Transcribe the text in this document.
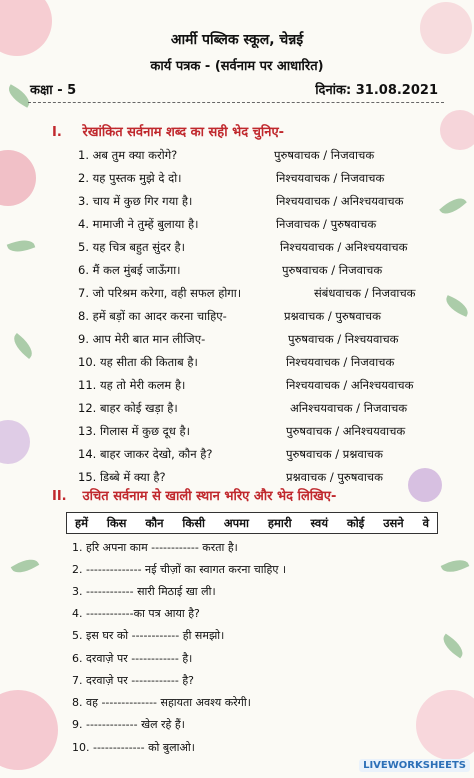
आर्मी पब्लिक स्कूल, चेन्नई
कार्य पत्रक - (सर्वनाम पर आधारित)
कक्षा - 5	दिनांक: 31.08.2021
I. रेखांकित सर्वनाम शब्द का सही भेद चुनिए-
1. अब तुम क्या करोगे?	पुरुषवाचक / निजवाचक
2. यह पुस्तक मुझे दे दो।	निश्चयवाचक / निजवाचक
3. चाय में कुछ गिर गया है।	निश्चयवाचक / अनिश्चयवाचक
4. मामाजी ने तुम्हें बुलाया है।	निजवाचक / पुरुषवाचक
5. यह चित्र बहुत सुंदर है।	निश्चयवाचक / अनिश्चयवाचक
6. मैं कल मुंबई जाऊँगा।	पुरुषवाचक / निजवाचक
7. जो परिश्रम करेगा, वही सफल होगा।	संबंधवाचक / निजवाचक
8. हमें बड़ों का आदर करना चाहिए-	प्रश्नवाचक / पुरुषवाचक
9. आप मेरी बात मान लीजिए-	पुरुषवाचक / निश्चयवाचक
10. यह सीता की किताब है।	निश्चयवाचक / निजवाचक
11. यह तो मेरी कलम है।	निश्चयवाचक / अनिश्चयवाचक
12. बाहर कोई खड़ा है।	अनिश्चयवाचक / निजवाचक
13. गिलास में कुछ दूध है।	पुरुषवाचक / अनिश्चयवाचक
14. बाहर जाकर देखो, कौन है?	पुरुषवाचक / प्रश्नवाचक
15. डिब्बे में क्या है?	प्रश्नवाचक / पुरुषवाचक
II. उचित सर्वनाम से खाली स्थान भरिए और भेद लिखिए-
हमें किस कौन किसी अपमा हमारी स्वयं कोई उसने वे
1. हरि अपना काम ------------ करता है।
2. -------------- नई चीज़ों का स्वागत करना चाहिए ।
3. ------------ सारी मिठाई खा ली।
4. ------------का पत्र आया है?
5. इस घर को ------------ ही समझो।
6. दरवाज़े पर ------------ है।
7. दरवाज़े पर ------------ है?
8. वह -------------- सहायता अवश्य करेगी।
9. ------------- खेल रहे हैं।
10. ------------- को बुलाओ।
LIVEWORKSHEETS
